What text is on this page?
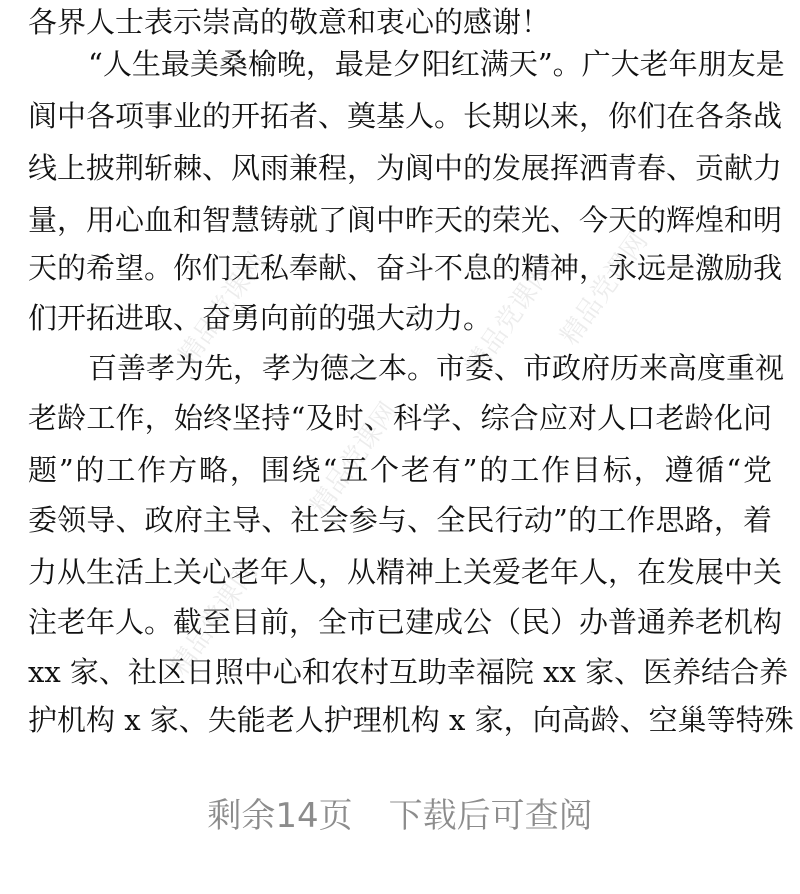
各界人士表示崇高的敬意和衷心的感谢！
“人生最美桑榆晚，最是夕阳红满天”。广大老年朋友是
阆中各项事业的开拓者、奠基人。长期以来，你们在各条战
线上披荆斩棘、风雨兼程，为阆中的发展挥洒青春、贡献力
量，用心血和智慧铸就了阆中昨天的荣光、今天的辉煌和明
天的希望。你们无私奉献、奋斗不息的精神，永远是激励我
们开拓进取、奋勇向前的强大动力。
百善孝为先，孝为德之本。市委、市政府历来高度重视
老龄工作，始终坚持“及时、科学、综合应对人口老龄化问
题”的工作方略，围绕“五个老有”的工作目标，遵循“党
委领导、政府主导、社会参与、全民行动”的工作思路，着
力从生活上关心老年人，从精神上关爱老年人，在发展中关
注老年人。截至目前，全市已建成公（民）办普通养老机构
xx 家、社区日照中心和农村互助幸福院 xx 家、医养结合养
护机构 x 家、失能老人护理机构 x 家，向高龄、空巢等特殊
精品党课网
精品党课网
精品党课网
精品党课网
精品党课网
剩余14页 下载后可查阅
